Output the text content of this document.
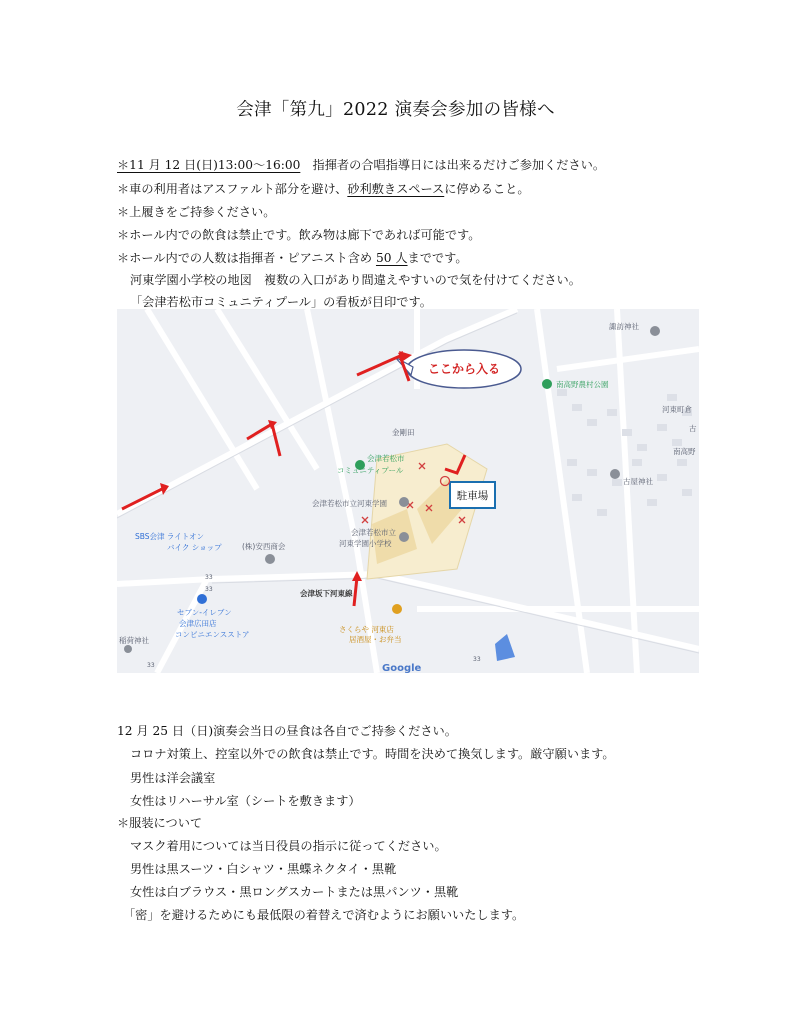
会津「第九」2022 演奏会参加の皆様へ
＊11 月 12 日(日)13:00〜16:00　指揮者の合唱指導日には出来るだけご参加ください。
＊車の利用者はアスファルト部分を避け、砂利敷きスペースに停めること。
＊上履きをご持参ください。
＊ホール内での飲食は禁止です。飲み物は廊下であれば可能です。
＊ホール内での人数は指揮者・ピアニスト含め 50 人までです。
河東学園小学校の地図　複数の入口があり間違えやすいので気を付けてください。
「会津若松市コミュニティプール」の看板が目印です。
ここから入る
駐車場
諏訪神社
南高野農村公園
河東町倉
古
南高野
古屋神社
金剛田
会津若松市
コミュニティプール
会津若松市立河東学園
会津若松市立
河東学園小学校
SBS会津 ライトオン
バイク ショップ	(株)安西商会
セブン-イレブン
会津広田店
コンビニエンスストア
会津坂下河東線
さくらや 河東店
居酒屋・お弁当
稲荷神社
33
33
33
33	Google
12 月 25 日（日)演奏会当日の昼食は各自でご持参ください。
コロナ対策上、控室以外での飲食は禁止です。時間を決めて換気します。厳守願います。
男性は洋会議室
女性はリハーサル室（シートを敷きます）
＊服装について
マスク着用については当日役員の指示に従ってください。
男性は黒スーツ・白シャツ・黒蝶ネクタイ・黒靴
女性は白ブラウス・黒ロングスカートまたは黒パンツ・黒靴
「密」を避けるためにも最低限の着替えで済むようにお願いいたします。
